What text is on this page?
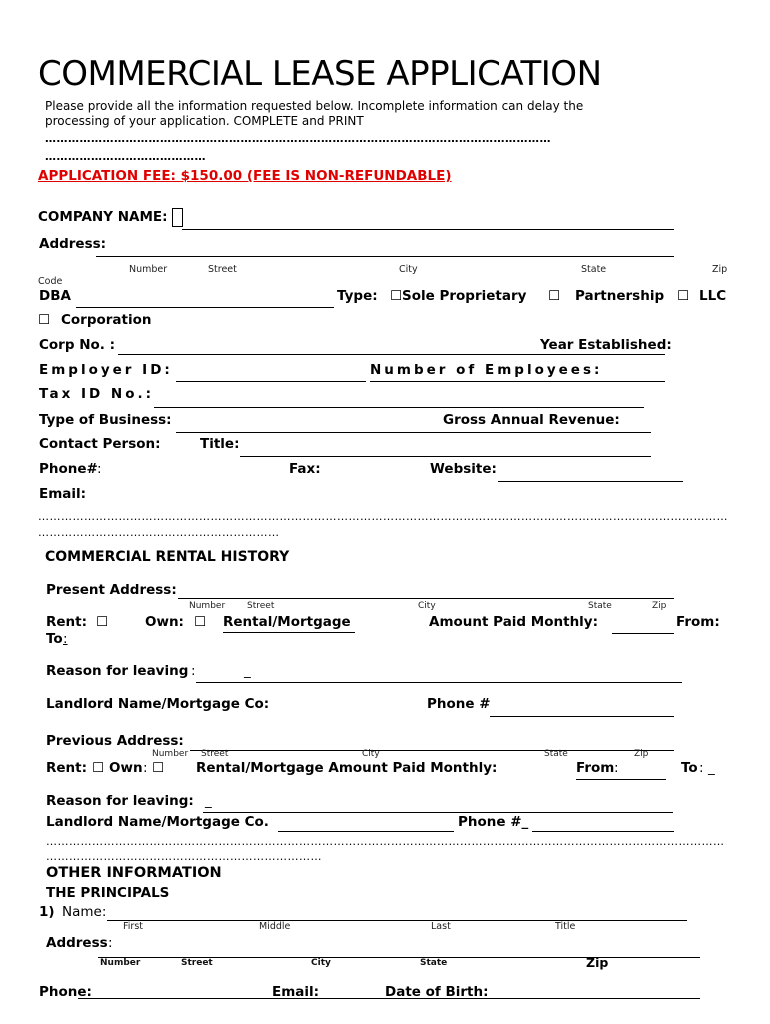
COMMERCIAL LEASE APPLICATION
Please provide all the information requested below. Incomplete information can delay the
processing of your application. COMPLETE and PRINT
……………………………………………………………………………………………………………………
……………………………………
APPLICATION FEE: $150.00 (FEE IS NON-REFUNDABLE)
COMPANY NAME:
Address:
Number	Street	City	State	Zip
Code
DBA	Type: ☐ Sole Proprietary ☐ Partnership ☐ LLC
☐ Corporation
Corp No. :	Year Established:
Employer ID:	Number of Employees:
Tax ID No.:
Type of Business:	Gross Annual Revenue:
Contact Person:	Title:
Phone# :	Fax:	Website:
Email:
………………………………………………………………………………………………………………………………………………………………
………………………………………………………
COMMERCIAL RENTAL HISTORY
Present Address:
Number Street	City	State	Zip
Rent: ☐	Own: ☐ Rental/Mortgage	Amount Paid Monthly:	From:
To :
Reason for leaving :	_
Landlord Name/Mortgage Co:	Phone #
Previous Address:
Number Street	City	State	Zip
Rent: ☐ Own : ☐ Rental/Mortgage Amount Paid Monthly:	From :	To : _
Reason for leaving: _
Landlord Name/Mortgage Co.	Phone #_
……………………………………………………………………………………………………………………………………………………………
………………………………………………………………
OTHER INFORMATION
THE PRINCIPALS
1) Name:
First	Middle	Last	Title
Address :
Number	Street	City	State	Zip
Phone:	Email:	Date of Birth:
